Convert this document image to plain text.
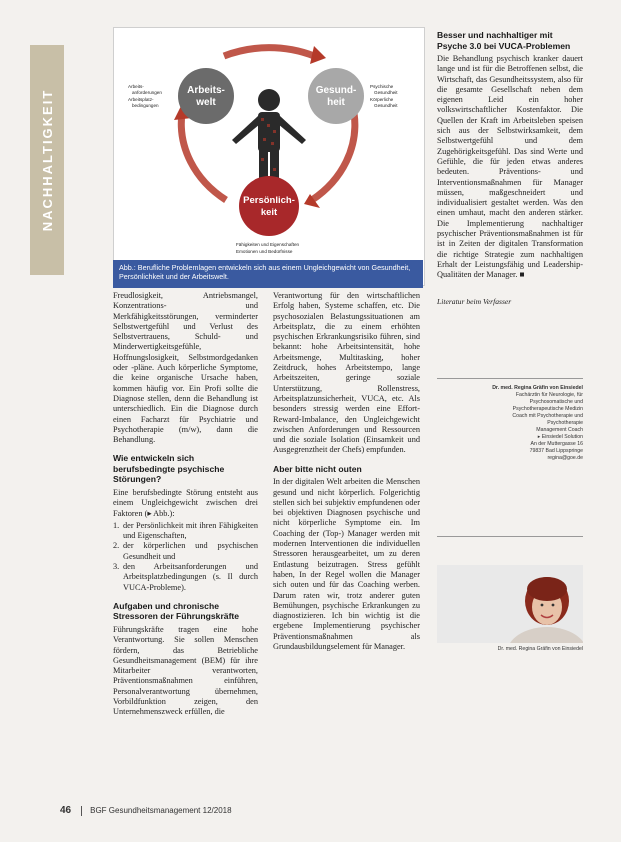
NACHHALTIGKEIT	Arbeits-
welt
Gesund-
heit
Persönlich-
keit
Arbeits-
anforderungen
Arbeitsplatz-
bedingungen
Psychische
Gesundheit
Körperliche
Gesundheit
Fähigkeiten und Eigenschaften
Emotionen und Bedürfnisse
Abb.: Berufliche Problemlagen entwickeln sich aus einem Ungleichgewicht von Gesundheit, Persönlichkeit und der Arbeitswelt.

Freudlosigkeit, Antriebsmangel, Konzentrations- und Merkfähigkeitsstörungen, verminderter Selbstwertgefühl und Verlust des Selbstvertrauens, Schuld- und Minderwertigkeitsgefühle, Hoffnungslosigkeit, Selbstmordgedanken oder -pläne. Auch körperliche Symptome, die keine organische Ursache haben, kommen häufig vor. Ein Profi sollte die Diagnose stellen, denn die Behandlung ist unterschiedlich. Ein die Diagnose durch einen Facharzt für Psychiatrie und Psychotherapie (m/w), dann die Behandlung.

Wie entwickeln sich berufsbedingte psychische Störungen?

Eine berufsbedingte Störung entsteht aus einem Ungleichgewicht zwischen drei Faktoren (▸ Abb.):

1. der Persönlichkeit mit ihren Fähigkeiten und Eigenschaften,
2. der körperlichen und psychischen Gesundheit und
3. den Arbeitsanforderungen und Arbeitsplatzbedingungen (s. Il durch VUCA-Probleme).
Aufgaben und chronische Stressoren der Führungskräfte

Führungskräfte tragen eine hohe Verantwortung. Sie sollen Menschen fördern, das Betriebliche Gesundheitsmanagement (BEM) für ihre Mitarbeiter verantworten, Präventionsmaßnahmen einführen, Personalverantwortung übernehmen, Vorbildfunktion zeigen, den Unternehmenszweck erfüllen, die

Verantwortung für den wirtschaftlichen Erfolg haben, Systeme schaffen, etc. Die psychosozialen Belastungssituationen am Arbeitsplatz, die zu einem erhöhten psychischen Erkrankungsrisiko führen, sind bekannt: hohe Arbeitsintensität, hohe Arbeitsmenge, Multitasking, hoher Zeitdruck, hohes Arbeitstempo, lange Arbeitszeiten, geringe soziale Unterstützung, Rollenstress, Arbeitsplatzunsicherheit, VUCA, etc. Als besonders stressig werden eine Effort-Reward-Imbalance, den Ungleichgewicht zwischen Anforderungen und Ressourcen und die soziale Isolation (Einsamkeit und Ausgegrenztheit der Chefs) empfunden.

Aber bitte nicht outen

In der digitalen Welt arbeiten die Menschen gesund und nicht körperlich. Folgerichtig stellen sich bei subjektiv empfundenen oder bei objektiven Diagnosen psychische und nicht körperliche Symptome ein. Im Coaching der (Top-) Manager werden mit modernen Interventionen die individuellen Stressoren herausgearbeitet, um zu deren Entlastung beizutragen. Stress gefühlt haben, In der Regel wollen die Manager sich outen und für das Coaching werben. Darum raten wir, trotz anderer guten Bemühungen, psychische Erkrankungen zu diagnostizieren. Ich bin wichtig ist die ergebene Implementierung psychischer Präventionsmaßnahmen als Grundausbildungselement für Manager.

Besser und nachhaltiger mit Psyche 3.0 bei VUCA-Problemen

Die Behandlung psychisch kranker dauert lange und ist für die Betroffenen selbst, die Wirtschaft, das Gesundheitssystem, also für die gesamte Gesellschaft neben dem eigenen Leid ein hoher volkswirtschaftlicher Kostenfaktor. Die Quellen der Kraft im Arbeitsleben speisen sich aus der Selbstwirksamkeit, dem Selbstwertgefühl und dem Zugehörigkeitsgefühl. Das sind Werte und Gefühle, die für jeden etwas anderes bedeuten. Präventions- und Interventionsmaßnahmen für Manager müssen, maßgeschneidert und individualisiert gestaltet werden. Was den einen umhaut, macht den anderen stärker. Die Implementierung nachhaltiger psychischer Präventionsmaßnahmen ist für ist in Zeiten der digitalen Transformation die richtige Strategie zum nachhaltigen Erhalt der Leistungsfähig und Leadership-Qualitäten der Manager. ■

Literatur beim Verfasser

Dr. med. Regina Gräfin von Einsiedel

Fachärztin für Neurologie, für

Psychosomatische und

Psychotherapeutische Medizin

Coach mit Psychotherapie und

Psychotherapie

Management Coach

▸ Einsiedel Solution

An der Muttergasse 16

79837 Bad Lippspringe

regina@goe.de

Dr. med. Regina Gräfin von Einsiedel
46 BGF Gesundheitsmanagement 12/2018
